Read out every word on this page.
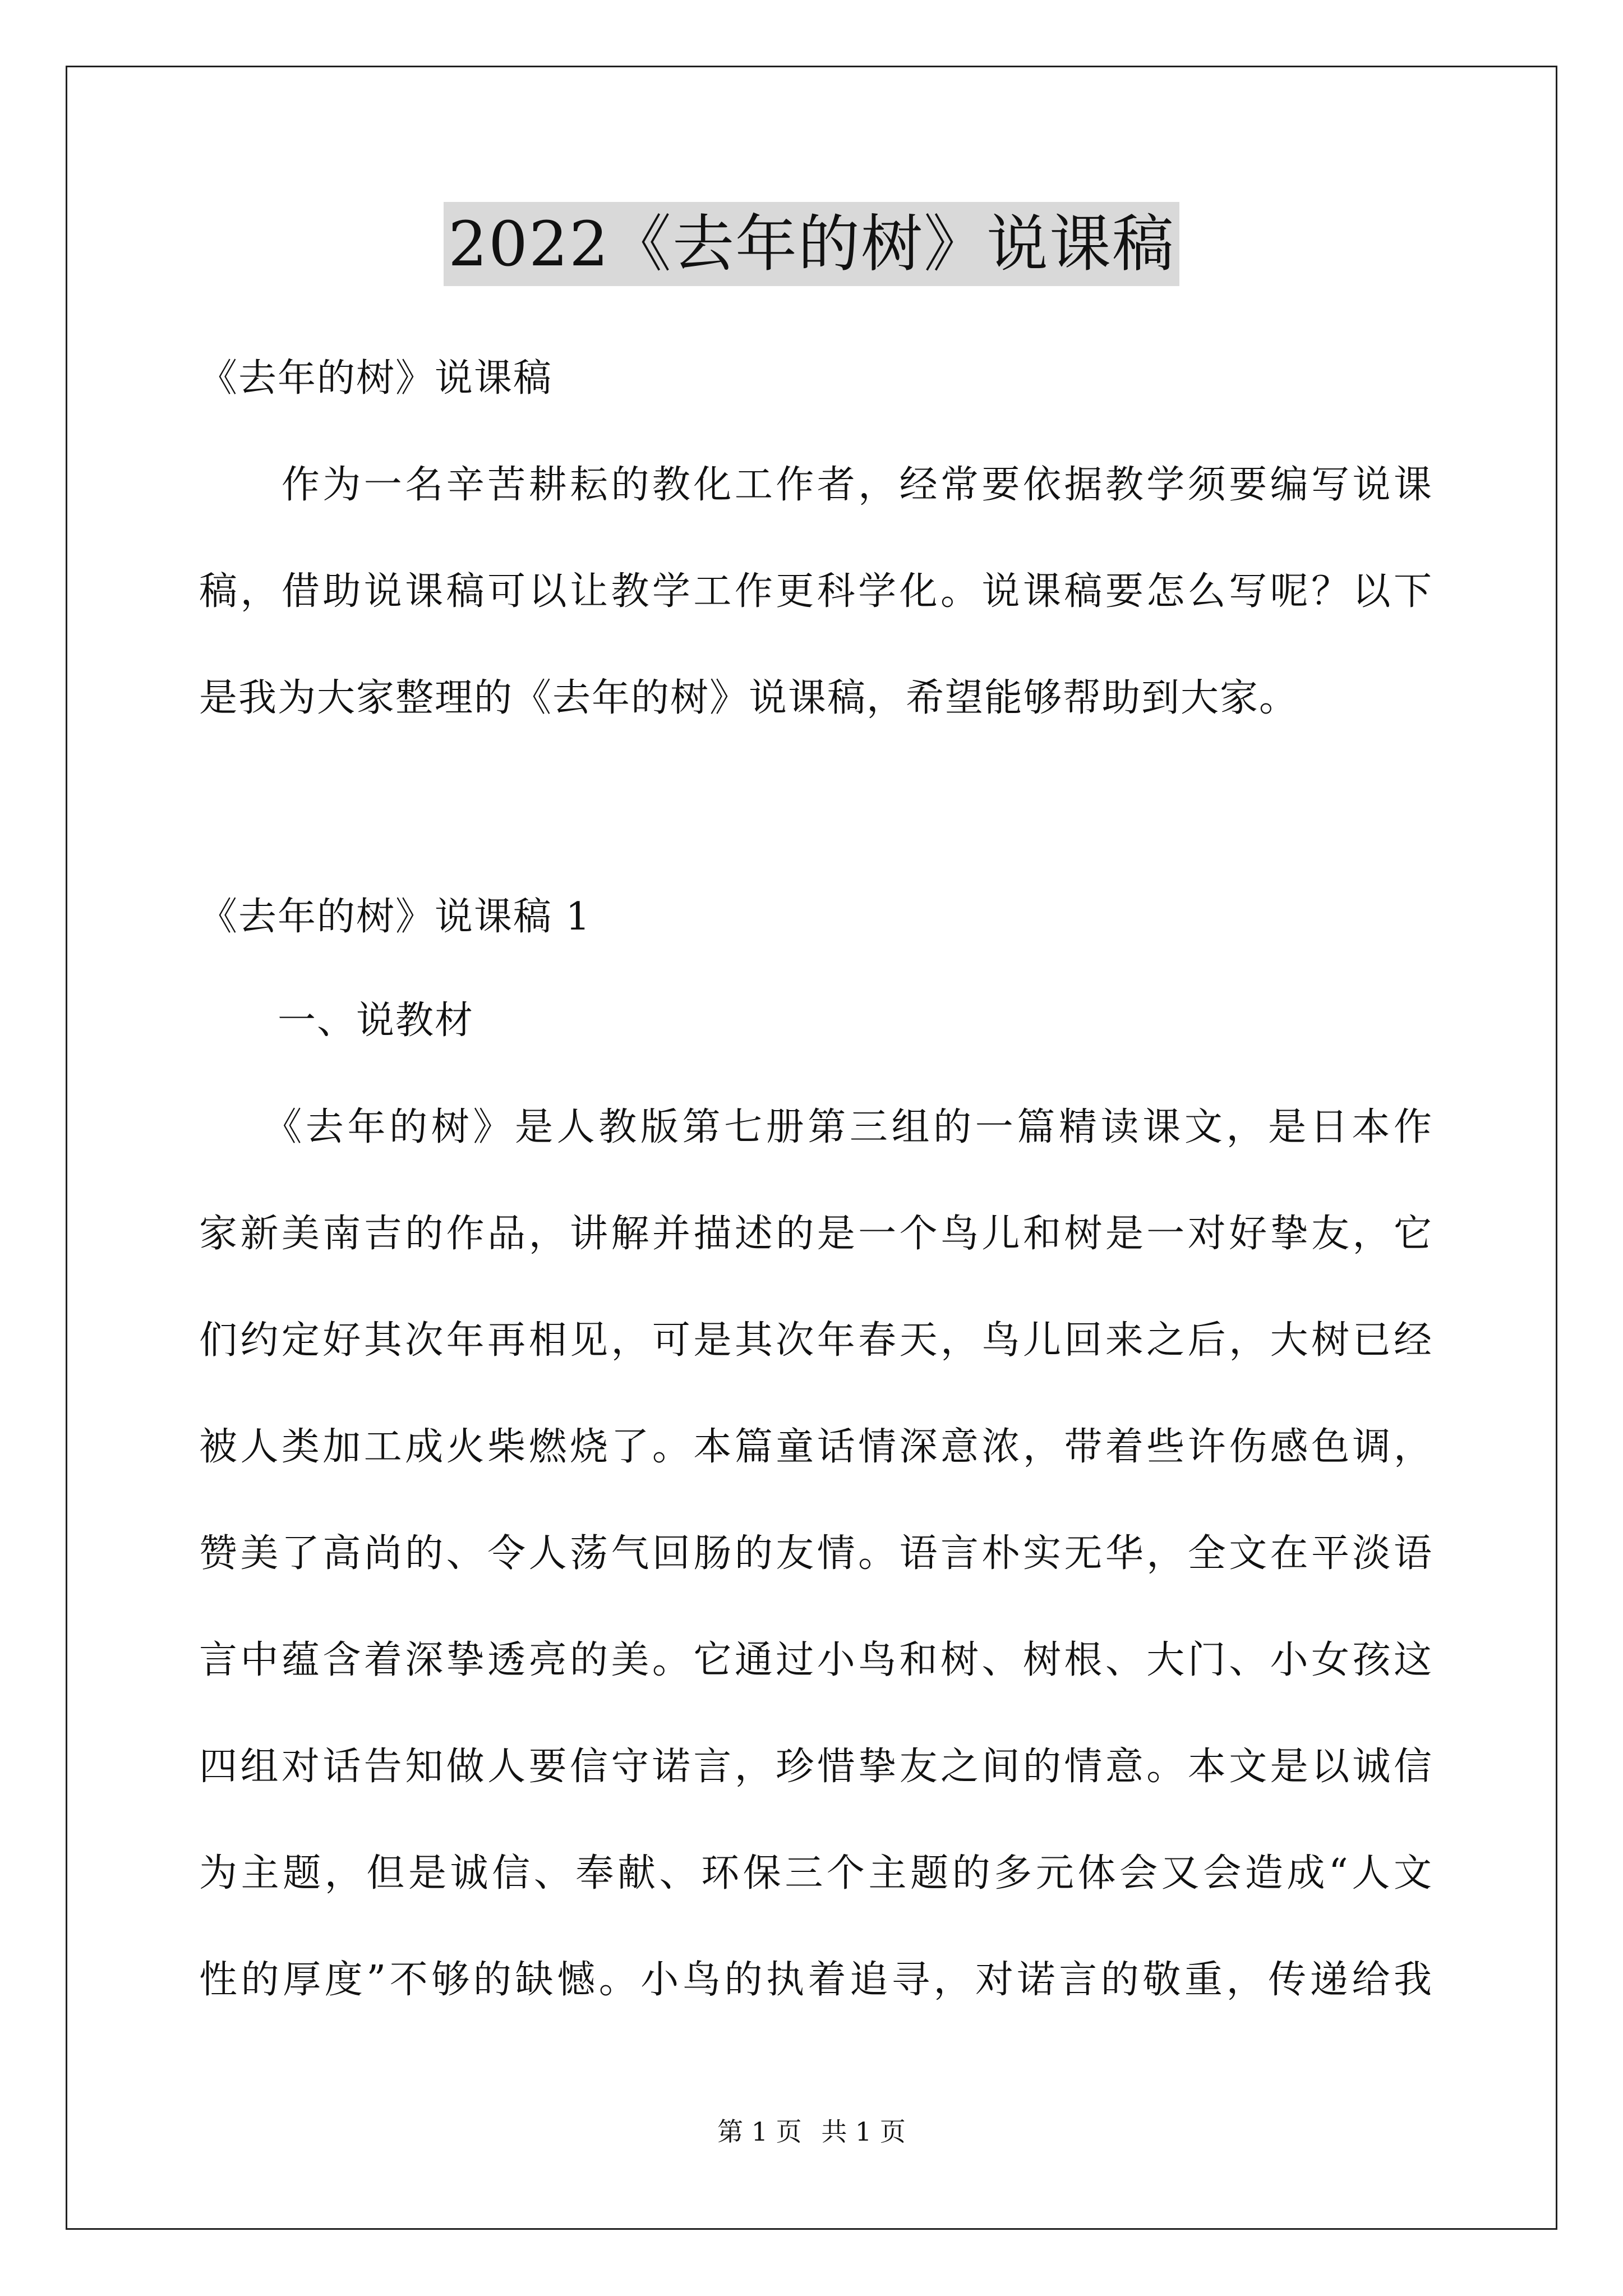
2022《去年的树》说课稿
《去年的树》说课稿
　　作为一名辛苦耕耘的教化工作者，经常要依据教学须要编写说课
稿，借助说课稿可以让教学工作更科学化。说课稿要怎么写呢？以下
是我为大家整理的《去年的树》说课稿，希望能够帮助到大家。
《去年的树》说课稿 1
　　一、说教材
　　《去年的树》是人教版第七册第三组的一篇精读课文，是日本作
家新美南吉的作品，讲解并描述的是一个鸟儿和树是一对好挚友，它
们约定好其次年再相见，可是其次年春天，鸟儿回来之后，大树已经
被人类加工成火柴燃烧了。本篇童话情深意浓，带着些许伤感色调，
赞美了高尚的、令人荡气回肠的友情。语言朴实无华，全文在平淡语
言中蕴含着深挚透亮的美。它通过小鸟和树、树根、大门、小女孩这
四组对话告知做人要信守诺言，珍惜挚友之间的情意。本文是以诚信
为主题，但是诚信、奉献、环保三个主题的多元体会又会造成“人文
性的厚度”不够的缺憾。小鸟的执着追寻，对诺言的敬重，传递给我
第 1 页 共 1 页
